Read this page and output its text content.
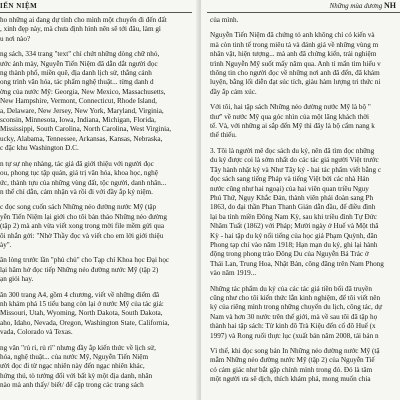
IẾN NIỆM
ho những ai đang dự tính cho mình một chuyến đi đến đất
, xinh đẹp này, mà chưa định hình nên sẽ tới đâu, làm gì
u nơi nào?
ng sách, 334 trang "text" chỉ chứt những dòng chữ nhỏ,
ước ảnh mày, Nguyễn Tiến Niệm đã dẫn dắt người đọc
ng thành phố, miền quê, địa danh lịch sử, thắng cảnh
ong trình văn hóa, tác phẩm nghệ thuật... từng danh d
ờng của nước Mỹ: Georgia, New Mexico, Massachusetts,
New Hampshire, Vermont, Connecticut, Rhode Island,
a, Delaware, New Jersey, New York, Maryland, Virginia,
sconsin, Minnesota, Iowa, Indiana, Michigan, Florida,
Mississippi, South Carolina, North Carolina, West Virginia,
ucky, Alabama, Tennessee, Arkansas, Kansas, Nebraska,
c đặc khu Washington D.C.
n tự sự nhẹ nhàng, tác giả đã giới thiệu với người đọc
ou, phong tục tập quán, giá trị văn hóa, khoa học, nghệ
ức, thành tựu của những vùng đất, tộc người, danh nhân...
n thể chỉ dẫn, cảm nhận và rồi đi với đầy ắp kỷ niệm.
c đọc song cuốn sách Những nẻo đường nước Mỹ (tập
yễn Tiến Niệm lại giới cho tôi bản thảo Những nẻo đường
(tập 2) mà anh vừa viết xong trong mời file mềm gửi qua
ôi nhắn gởi: "Nhờ Thầy đọc và viết cho em lời giới thiệu
ày".
ăn lòng trước lần "phủ chủ" cho Tạp chí Khoa học Đại học
lại hăm hở đọc tiếp Những nẻo đường nước Mỹ (tập 2)
ạn giỏi hay.
ăn 300 trang A4, gồm 4 chương, viết về những điểm đã
nh khám phá 15 tiểu bang còn lại ở nước Mỹ của tác giả:
Missouri, Utah, Wyoming, North Dakota, South Dakota,
aho, Idaho, Nevada, Oregon, Washington State, California,
vada, Colorado và Texas.
ng văn "rủ rỉ, rủ rì" nhưng đầy ắp kiến thức về lịch sử,
hóa, nghệ thuật... của nước Mỹ, Nguyễn Tiến Niệm
ười đọc đi từ ngạc nhiên này đến ngạc nhiên khác,
hứng thú, tò tưởng đối với bất kỳ một địa danh, nhân
nào mà anh thấy/ biết/ để cập trong các trang sách
Những mùa dương NH
của mình.
Nguyễn Tiến Niệm đã chứng tỏ anh không chỉ có kiến và
mà còn tinh tế trong miêu tả và đánh giá về những vùng m
nhân vật, hiện tượng... mà anh đã chứng kiến, trải nghiệm
trình Nguyễn Mỹ suốt mấy năm qua. Anh tỉ mẩn tìm hiểu v
thông tin cho người đọc về những nơi anh đã đến, đã khám
luyện, bằng lối diễn đạt súc tích, giàu hàm lượng tri thức ni
đầy ắp cảm xúc.
Với tôi, hai tập sách Những nẻo đường nước Mỹ là bộ "
thư" về nước Mỹ qua góc nhìn của một lãng khách thời
tế. Và, với những ai sắp đến Mỹ thì đây là bộ cẩm nang k
thể thiếu.
3. Tôi là người mê đọc sách du ký, nên đã tìm đọc những
du ký được coi là sớm nhất do các tác giả người Việt trước
Tây hành nhật ký và Như Tây ký - hai tác phẩm viết bằng c
đọc sách sang tiếng Pháp và tiếng Việt bởi các nhà Hán
nước cũng như hai ngoại) của hai viên quan triều Nguy
Phú Thứ, Ngụy Khắc Đản, thành viên phái đoàn sang Ph
1863, do đại thần Phan Thanh Giản dẫn đầu, để điều đình
lại ba tỉnh miền Đông Nam Kỳ, sau khi triều đình Tự Đức
Nhâm Tuất (1862) với Pháp; Mười ngày ở Huế và Một thă
Kỳ - hai tập du ký nổi tiếng của học giả Phạm Quỳnh, đăn
Phong tạp chí vào năm 1918; Hạn mạn du ký, ghi lại hành
động trong phong trào Đông Du của Nguyễn Bá Trác ở
Thái Lan, Trung Hoa, Nhật Bản, công đăng trên Nam Phong
vào năm 1919...
Những tác phẩm du ký của các tác giả tiền bối đã truyền
cũng như cho tôi kiến thức lẫn kinh nghiệm, để tôi viết nên
ký của riêng mình trong những chuyến du lịch, công tác, dự
Nam và hơn 30 nước trên thế giới, mà về sau tôi đã tập họ
thành hai tập sách: Từ kinh đô Trà Kiệu đến cố đô Huế (x
1997) và Rong ruổi thực lục (xuất bản năm 2008, tái bản n
Vì thế, khi đọc song bản In Những nẻo đường nước Mỹ (tậ
mẫm Những nẻo đường nước Mỹ (tập 2) của Nguyễn Tiế
có cảm giác như bắt gặp chính mình trong đó. Đó là tâm
một người ưa sê dịch, thích khám phá, mong muốn chia
